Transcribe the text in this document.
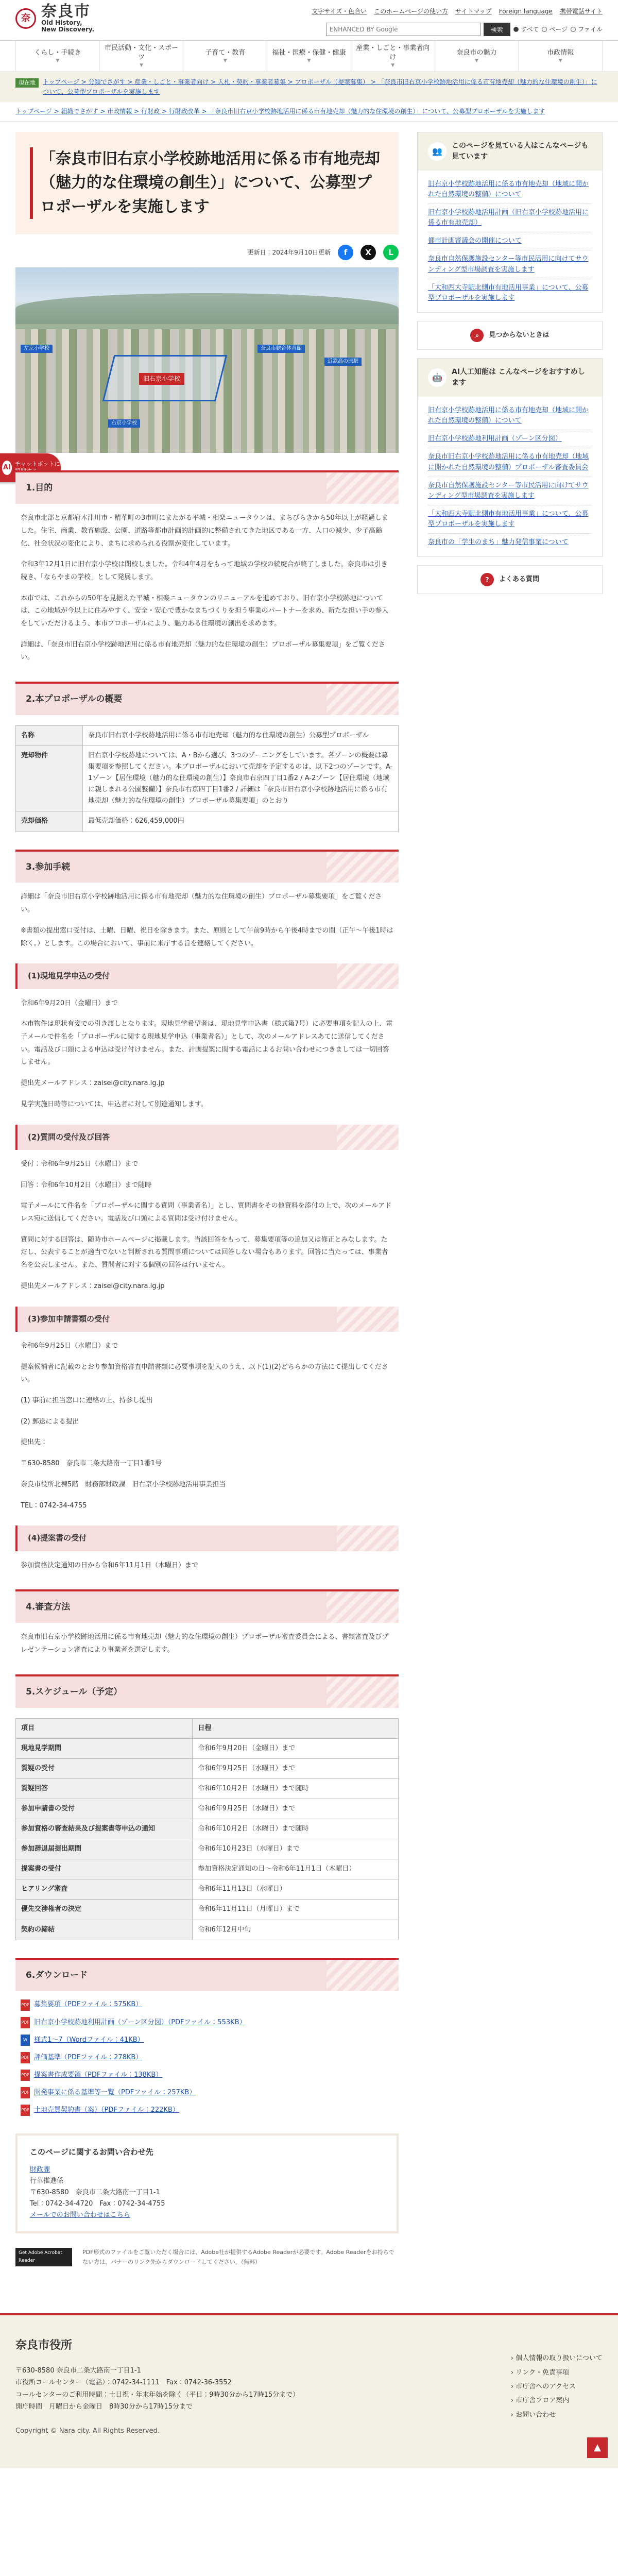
奈 奈良市
Old History,
New Discovery.
文字サイズ・色合い このホームページの使い方 サイトマップ Foreign language 携帯電話サイト
ENHANCED BY Google
検索	すべて ページ ファイル
くらし・手続き
▼
市民活動・文化・スポーツ
▼
子育て・教育
▼
福祉・医療・保健・健康
▼
産業・しごと・事業者向け
▼
奈良市の魅力
▼
市政情報
▼
現在地	トップページ > 分類でさがす > 産業・しごと・事業者向け > 入札・契約・事業者募集 > プロポーザル（提案募集） > 「奈良市旧右京小学校跡地活用に係る市有地売却（魅力的な住環境の創生）」について、公募型プロポーザルを実施します
トップページ > 組織でさがす > 市政情報 > 行財政 > 行財政改革 > 「奈良市旧右京小学校跡地活用に係る市有地売却（魅力的な住環境の創生）」について、公募型プロポーザルを実施します
AI チャットボットに
「奈良市旧右京小学校跡地活用に係る市有地売却（魅力的な住環境の創生）」について、公募型プロポーザルを実施します
更新日：2024年9月10日更新	f	X	L
左京小学校
右京小学校
奈良市総合体育館
近鉄高の原駅
旧右京小学校
1.目的

奈良市北部と京都府木津川市・精華町の3市町にまたがる平城・相楽ニュータウンは、まちびらきから50年以上が経過しました。住宅、商業、教育施設、公園、道路等都市計画的計画的に整備されてきた地区である一方、人口の減少、少子高齢化、社会状況の変化により、まちに求められる役割が変化しています。

令和3年12月1日に旧右京小学校は閉校しました。令和4年4月をもって地域の学校の統廃合が終了しました。奈良市は引き続き、「ならやまの学校」として発展します。

本市では、これからの50年を見据えた平城・相楽ニュータウンのリニューアルを進めており、旧右京小学校跡地については、この地域が今以上に住みやすく、安全・安心で豊かなまちづくりを担う事業のパートナーを求め、新たな担い手の参入をしていただけるよう、本市プロポーザルにより、魅力ある住環境の創出を求めます。

詳細は、「奈良市旧右京小学校跡地活用に係る市有地売却（魅力的な住環境の創生）プロポーザル募集要項」をご覧ください。

2.本プロポーザルの概要
名称	奈良市旧右京小学校跡地活用に係る市有地売却（魅力的な住環境の創生）公募型プロポーザル
売却物件	旧右京小学校跡地については、A・Bから選び、3つのゾーニングをしています。各ゾーンの概要は募集要項を参照してください。本プロポーザルにおいて売却を予定するのは、以下2つのゾーンです。A-1ゾーン【居住環境（魅力的な住環境の創生）】奈良市右京四丁目1番2 / A-2ゾーン【居住環境（地域に親しまれる公園整備）】奈良市右京四丁目1番2 / 詳細は「奈良市旧右京小学校跡地活用に係る市有地売却（魅力的な住環境の創生）プロポーザル募集要項」のとおり
売却価格	最低売却価格：626,459,000円
3.参加手続

詳細は「奈良市旧右京小学校跡地活用に係る市有地売却（魅力的な住環境の創生）プロポーザル募集要項」をご覧ください。

※書類の提出窓口受付は、土曜、日曜、祝日を除きます。また、原則として午前9時から午後4時までの間（正午～午後1時は除く。）とします。この場合において、事前に来庁する旨を連絡してください。

(1)現地見学申込の受付

令和6年9月20日（金曜日）まで

本市物件は現状有姿での引き渡しとなります。現地見学希望者は、現地見学申込書（様式第7号）に必要事項を記入の上、電子メールで件名を「プロポーザルに関する現地見学申込（事業者名）」として、次のメールアドレスあてに送信してください。電話及び口頭による申込は受け付けません。また、計画提案に関する電話によるお問い合わせにつきましては一切回答しません。

提出先メールアドレス：zaisei@city.nara.lg.jp

見学実施日時等については、申込者に対して別途通知します。

(2)質問の受付及び回答

受付：令和6年9月25日（水曜日）まで

回答：令和6年10月2日（水曜日）まで随時

電子メールにて件名を「プロポーザルに関する質問（事業者名）」とし、質問書をその他資料を添付の上で、次のメールアドレス宛に送信してください。電話及び口頭による質問は受け付けません。

質問に対する回答は、随時市ホームページに掲載します。当該回答をもって、募集要項等の追加又は修正とみなします。ただし、公表することが適当でないと判断される質問事項については回答しない場合もあります。回答に当たっては、事業者名を公表しません。また、質問者に対する個別の回答は行いません。

提出先メールアドレス：zaisei@city.nara.lg.jp

(3)参加申請書類の受付

令和6年9月25日（水曜日）まで

提案候補者に記載のとおり参加資格審査申請書類に必要事項を記入のうえ、以下(1)(2)どちらかの方法にて提出してください。

(1) 事前に担当窓口に連絡の上、持参し提出

(2) 郵送による提出

提出先：

〒630-8580　奈良市二条大路南一丁目1番1号

奈良市役所北棟5階　財務部財政課　旧右京小学校跡地活用事業担当

TEL：0742-34-4755

(4)提案書の受付

参加資格決定通知の日から令和6年11月1日（木曜日）まで

4.審査方法

奈良市旧右京小学校跡地活用に係る市有地売却（魅力的な住環境の創生）プロポーザル審査委員会による、書類審査及びプレゼンテーション審査により事業者を選定します。

5.スケジュール（予定）
項目	日程
現地見学期間	令和6年9月20日（金曜日）まで
質疑の受付	令和6年9月25日（水曜日）まで
質疑回答	令和6年10月2日（水曜日）まで随時
参加申請書の受付	令和6年9月25日（水曜日）まで
参加資格の審査結果及び提案書等申込の通知	令和6年10月2日（水曜日）まで随時
参加辞退届提出期間	令和6年10月23日（水曜日）まで
提案書の受付	参加資格決定通知の日～令和6年11月1日（木曜日）
ヒアリング審査	令和6年11月13日（水曜日）
優先交渉権者の決定	令和6年11月11日（月曜日）まで
契約の締結	令和6年12月中旬
6.ダウンロード
PDF 募集要項（PDFファイル：575KB）
PDF 旧右京小学校跡地利用計画（ゾーン区分図）（PDFファイル：553KB）
W	様式1～7（Wordファイル：41KB）
PDF 評価基準（PDFファイル：278KB）
PDF 提案書作成要領（PDFファイル：138KB）
PDF 開発事業に係る基準等一覧（PDFファイル：257KB）
PDF 土地売買契約書（案）（PDFファイル：222KB）
このページに関するお問い合わせ先

財政課

行革推進係

〒630-8580　奈良市二条大路南一丁目1-1

Tel：0742-34-4720　Fax：0742-34-4755

メールでのお問い合わせはこちら

Get Adobe Acrobat Reader

PDF形式のファイルをご覧いただく場合には、Adobe社が提供するAdobe Readerが必要です。Adobe Readerをお持ちでない方は、バナーのリンク先からダウンロードしてください。（無料）

👥
このページを見ている人はこんなページも見ています
旧右京小学校跡地活用に係る市有地売却（地域に開かれた自然環境の整備）について
旧右京小学校跡地活用計画（旧右京小学校跡地活用に係る市有地売却）
都市計画審議会の開催について
奈良市自然保護施設センター等市民活用に向けてサウンディング型市場調査を実施します
「大和西大寺駅北側市有地活用事業」について、公募型プロポーザルを実施します
⌕	見つからないときは
🤖
AI人工知能は こんなページをおすすめします
旧右京小学校跡地活用に係る市有地売却（地域に開かれた自然環境の整備）について
旧右京小学校跡地利用計画（ゾーン区分図）
奈良市旧右京小学校跡地活用に係る市有地売却（地域に開かれた自然環境の整備）プロポーザル審査委員会
奈良市自然保護施設センター等市民活用に向けてサウンディング型市場調査を実施します
「大和西大寺駅北側市有地活用事業」について、公募型プロポーザルを実施します
奈良市の「学生のまち」魅力発信事業について
?	よくある質問
奈良市役所

〒630-8580 奈良市二条大路南一丁目1-1

市役所コールセンター（電話）：0742-34-1111　Fax：0742-36-3552

コールセンターのご利用時間：土日祝・年末年始を除く（平日：9時30分から17時15分まで）

開庁時間　月曜日から金曜日　8時30分から17時15分まで

Copyright © Nara city. All Rights Reserved.

› 個人情報の取り扱いについて
› リンク・免責事項
› 市庁舎へのアクセス
› 市庁舎フロア案内
› お問い合わせ
▲
